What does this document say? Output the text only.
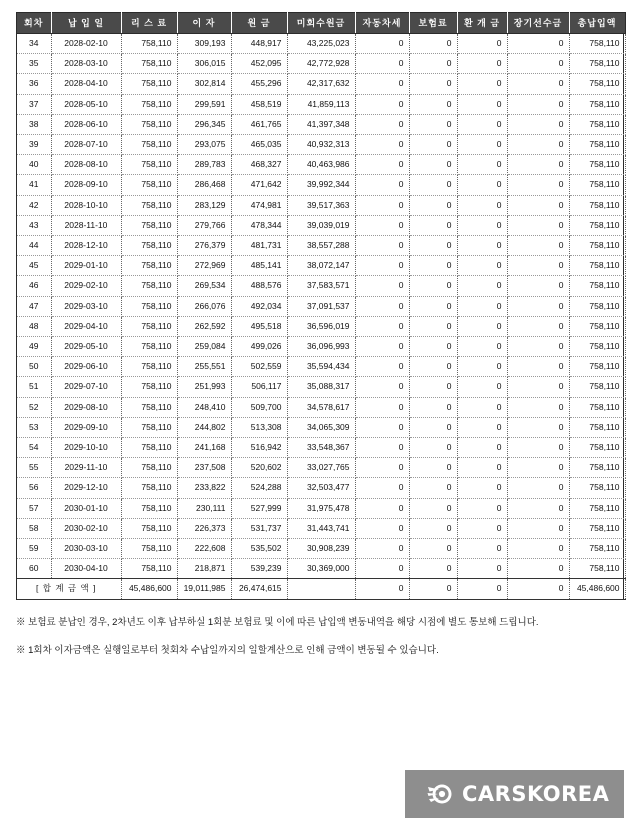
회차	납 입 일	리 스 료	이 자	원 금	미회수원금	자동차세	보험료	환 개 금	장기선수금	총납입액
34	2028-02-10	758,110	309,193	448,917	43,225,023	0	0	0	0	758,110
35	2028-03-10	758,110	306,015	452,095	42,772,928	0	0	0	0	758,110
36	2028-04-10	758,110	302,814	455,296	42,317,632	0	0	0	0	758,110
37	2028-05-10	758,110	299,591	458,519	41,859,113	0	0	0	0	758,110
38	2028-06-10	758,110	296,345	461,765	41,397,348	0	0	0	0	758,110
39	2028-07-10	758,110	293,075	465,035	40,932,313	0	0	0	0	758,110
40	2028-08-10	758,110	289,783	468,327	40,463,986	0	0	0	0	758,110
41	2028-09-10	758,110	286,468	471,642	39,992,344	0	0	0	0	758,110
42	2028-10-10	758,110	283,129	474,981	39,517,363	0	0	0	0	758,110
43	2028-11-10	758,110	279,766	478,344	39,039,019	0	0	0	0	758,110
44	2028-12-10	758,110	276,379	481,731	38,557,288	0	0	0	0	758,110
45	2029-01-10	758,110	272,969	485,141	38,072,147	0	0	0	0	758,110
46	2029-02-10	758,110	269,534	488,576	37,583,571	0	0	0	0	758,110
47	2029-03-10	758,110	266,076	492,034	37,091,537	0	0	0	0	758,110
48	2029-04-10	758,110	262,592	495,518	36,596,019	0	0	0	0	758,110
49	2029-05-10	758,110	259,084	499,026	36,096,993	0	0	0	0	758,110
50	2029-06-10	758,110	255,551	502,559	35,594,434	0	0	0	0	758,110
51	2029-07-10	758,110	251,993	506,117	35,088,317	0	0	0	0	758,110
52	2029-08-10	758,110	248,410	509,700	34,578,617	0	0	0	0	758,110
53	2029-09-10	758,110	244,802	513,308	34,065,309	0	0	0	0	758,110
54	2029-10-10	758,110	241,168	516,942	33,548,367	0	0	0	0	758,110
55	2029-11-10	758,110	237,508	520,602	33,027,765	0	0	0	0	758,110
56	2029-12-10	758,110	233,822	524,288	32,503,477	0	0	0	0	758,110
57	2030-01-10	758,110	230,111	527,999	31,975,478	0	0	0	0	758,110
58	2030-02-10	758,110	226,373	531,737	31,443,741	0	0	0	0	758,110
59	2030-03-10	758,110	222,608	535,502	30,908,239	0	0	0	0	758,110
60	2030-04-10	758,110	218,871	539,239	30,369,000	0	0	0	0	758,110
[ 합 계 금 액 ]		45,486,600	19,011,985	26,474,615		0	0	0	0	45,486,600
※ 보험료 분납인 경우, 2차년도 이후 납부하실 1회분 보험료 및 이에 따른 납입액 변동내역을 해당 시점에 별도 통보해 드립니다.
※ 1회차 이자금액은 실행일로부터 첫회차 수납일까지의 일할계산으로 인해 금액이 변동될 수 있습니다.
CARSKOREA
